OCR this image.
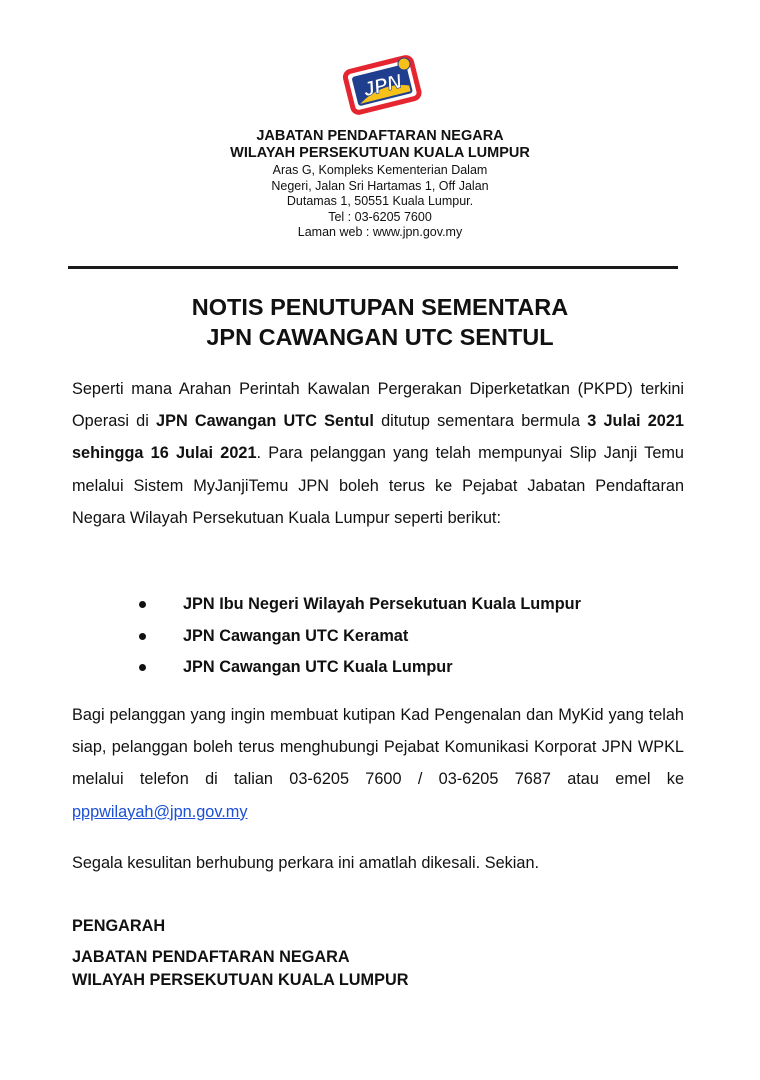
JPN
JABATAN PENDAFTARAN NEGARA
WILAYAH PERSEKUTUAN KUALA LUMPUR
Aras G, Kompleks Kementerian Dalam
Negeri, Jalan Sri Hartamas 1, Off Jalan
Dutamas 1, 50551 Kuala Lumpur.
Tel : 03-6205 7600
Laman web : www.jpn.gov.my
NOTIS PENUTUPAN SEMENTARA
JPN CAWANGAN UTC SENTUL

Seperti mana Arahan Perintah Kawalan Pergerakan Diperketatkan (PKPD) terkini Operasi di JPN Cawangan UTC Sentul ditutup sementara bermula 3 Julai 2021 sehingga 16 Julai 2021. Para pelanggan yang telah mempunyai Slip Janji Temu melalui Sistem MyJanjiTemu JPN boleh terus ke Pejabat Jabatan Pendaftaran Negara Wilayah Persekutuan Kuala Lumpur seperti berikut:

JPN Ibu Negeri Wilayah Persekutuan Kuala Lumpur
JPN Cawangan UTC Keramat
JPN Cawangan UTC Kuala Lumpur

Bagi pelanggan yang ingin membuat kutipan Kad Pengenalan dan MyKid yang telah siap, pelanggan boleh terus menghubungi Pejabat Komunikasi Korporat JPN WPKL melalui telefon di talian 03-6205 7600 / 03-6205 7687 atau emel ke pppwilayah@jpn.gov.my

Segala kesulitan berhubung perkara ini amatlah dikesali. Sekian.

PENGARAH
JABATAN PENDAFTARAN NEGARA
WILAYAH PERSEKUTUAN KUALA LUMPUR
